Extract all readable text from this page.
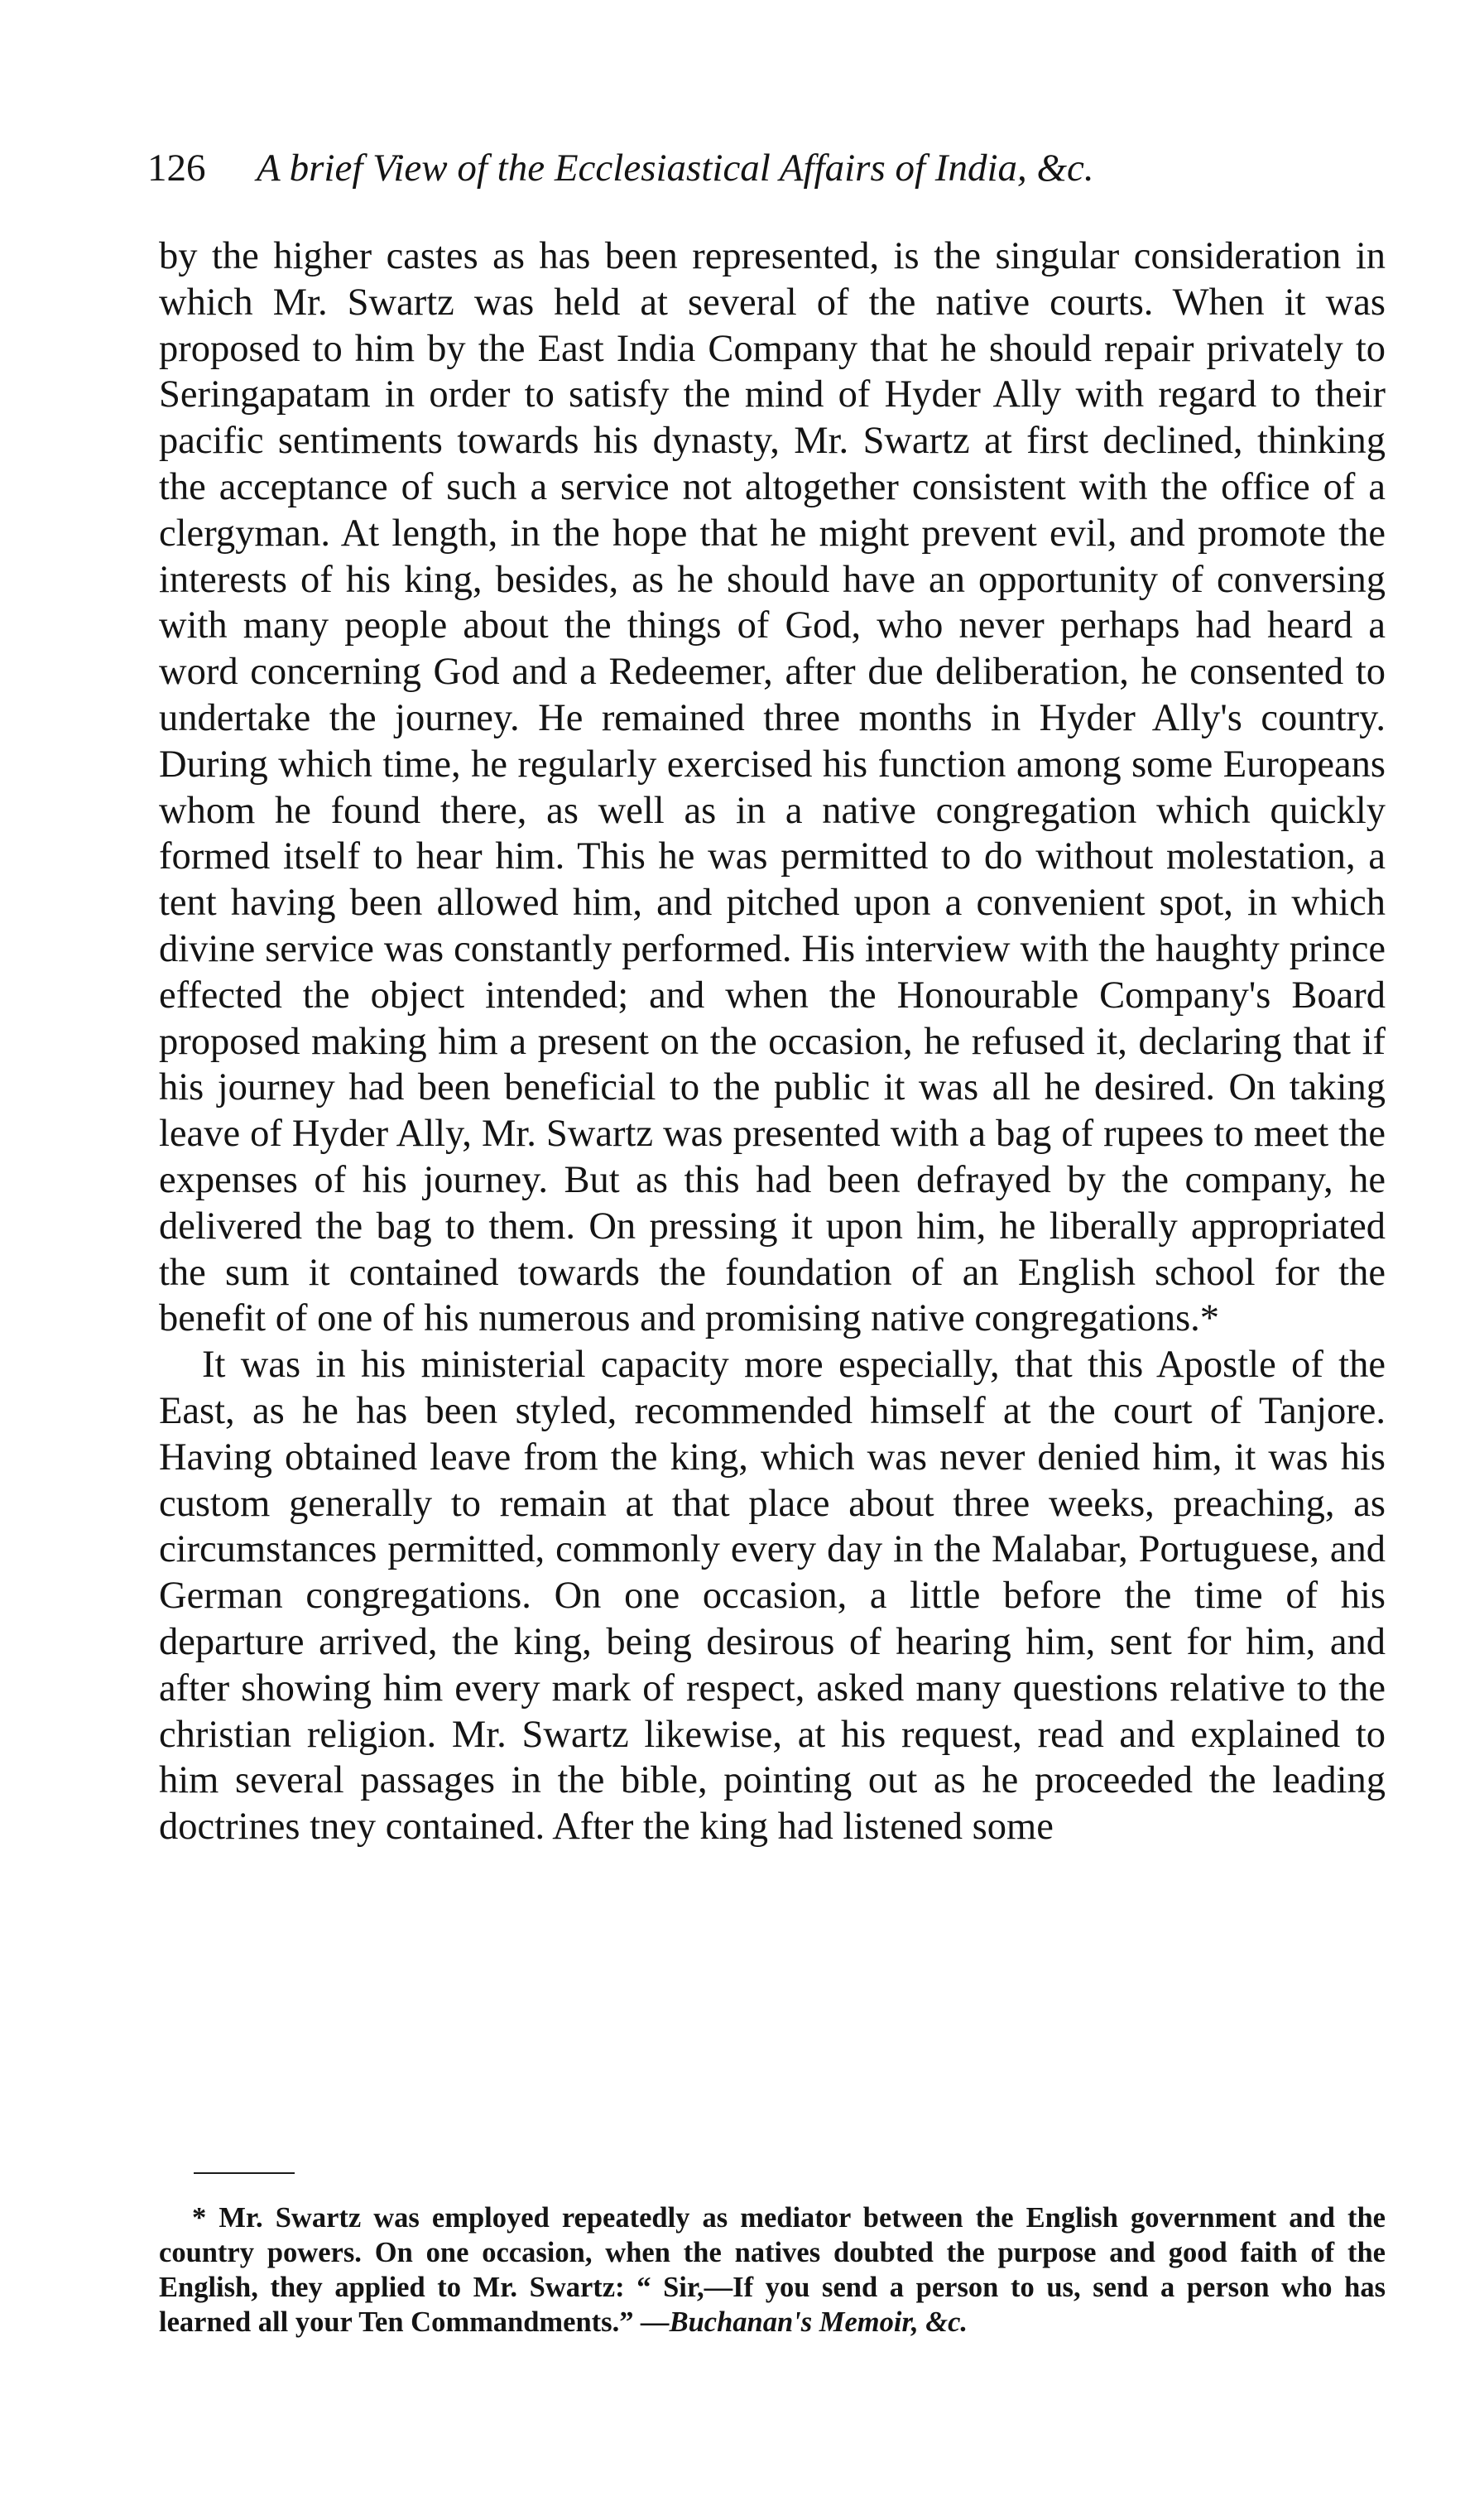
126 A brief View of the Ecclesiastical Affairs of India, &c.

by the higher castes as has been represented, is the singular consideration in which Mr. Swartz was held at several of the native courts. When it was proposed to him by the East India Company that he should repair privately to Seringapatam in order to satisfy the mind of Hyder Ally with regard to their pacific sentiments towards his dynasty, Mr. Swartz at first declined, thinking the acceptance of such a service not altogether consistent with the office of a clergyman. At length, in the hope that he might prevent evil, and promote the interests of his king, besides, as he should have an opportunity of conversing with many people about the things of God, who never perhaps had heard a word concerning God and a Redeemer, after due deliberation, he consented to undertake the journey. He remained three months in Hyder Ally's country. During which time, he regularly exercised his function among some Europeans whom he found there, as well as in a native congregation which quickly formed itself to hear him. This he was permitted to do without molestation, a tent having been allowed him, and pitched upon a convenient spot, in which divine service was constantly performed. His interview with the haughty prince effected the object intended; and when the Honourable Company's Board proposed making him a present on the occasion, he refused it, declaring that if his journey had been beneficial to the public it was all he desired. On taking leave of Hyder Ally, Mr. Swartz was presented with a bag of rupees to meet the expenses of his journey. But as this had been defrayed by the company, he delivered the bag to them. On pressing it upon him, he liberally appropriated the sum it contained towards the foundation of an English school for the benefit of one of his numerous and promising native congregations.*

It was in his ministerial capacity more especially, that this Apostle of the East, as he has been styled, recommended himself at the court of Tanjore. Having obtained leave from the king, which was never denied him, it was his custom generally to remain at that place about three weeks, preaching, as circumstances permitted, commonly every day in the Malabar, Portuguese, and German congregations. On one occasion, a little before the time of his departure arrived, the king, being desirous of hearing him, sent for him, and after showing him every mark of respect, asked many questions relative to the christian religion. Mr. Swartz likewise, at his request, read and explained to him several passages in the bible, pointing out as he proceeded the leading doctrines tney contained. After the king had listened some

* Mr. Swartz was employed repeatedly as mediator between the English government and the country powers. On one occasion, when the natives doubted the purpose and good faith of the English, they applied to Mr. Swartz: “ Sir,—If you send a person to us, send a person who has learned all your Ten Commandments.” —Buchanan's Memoir, &c.
